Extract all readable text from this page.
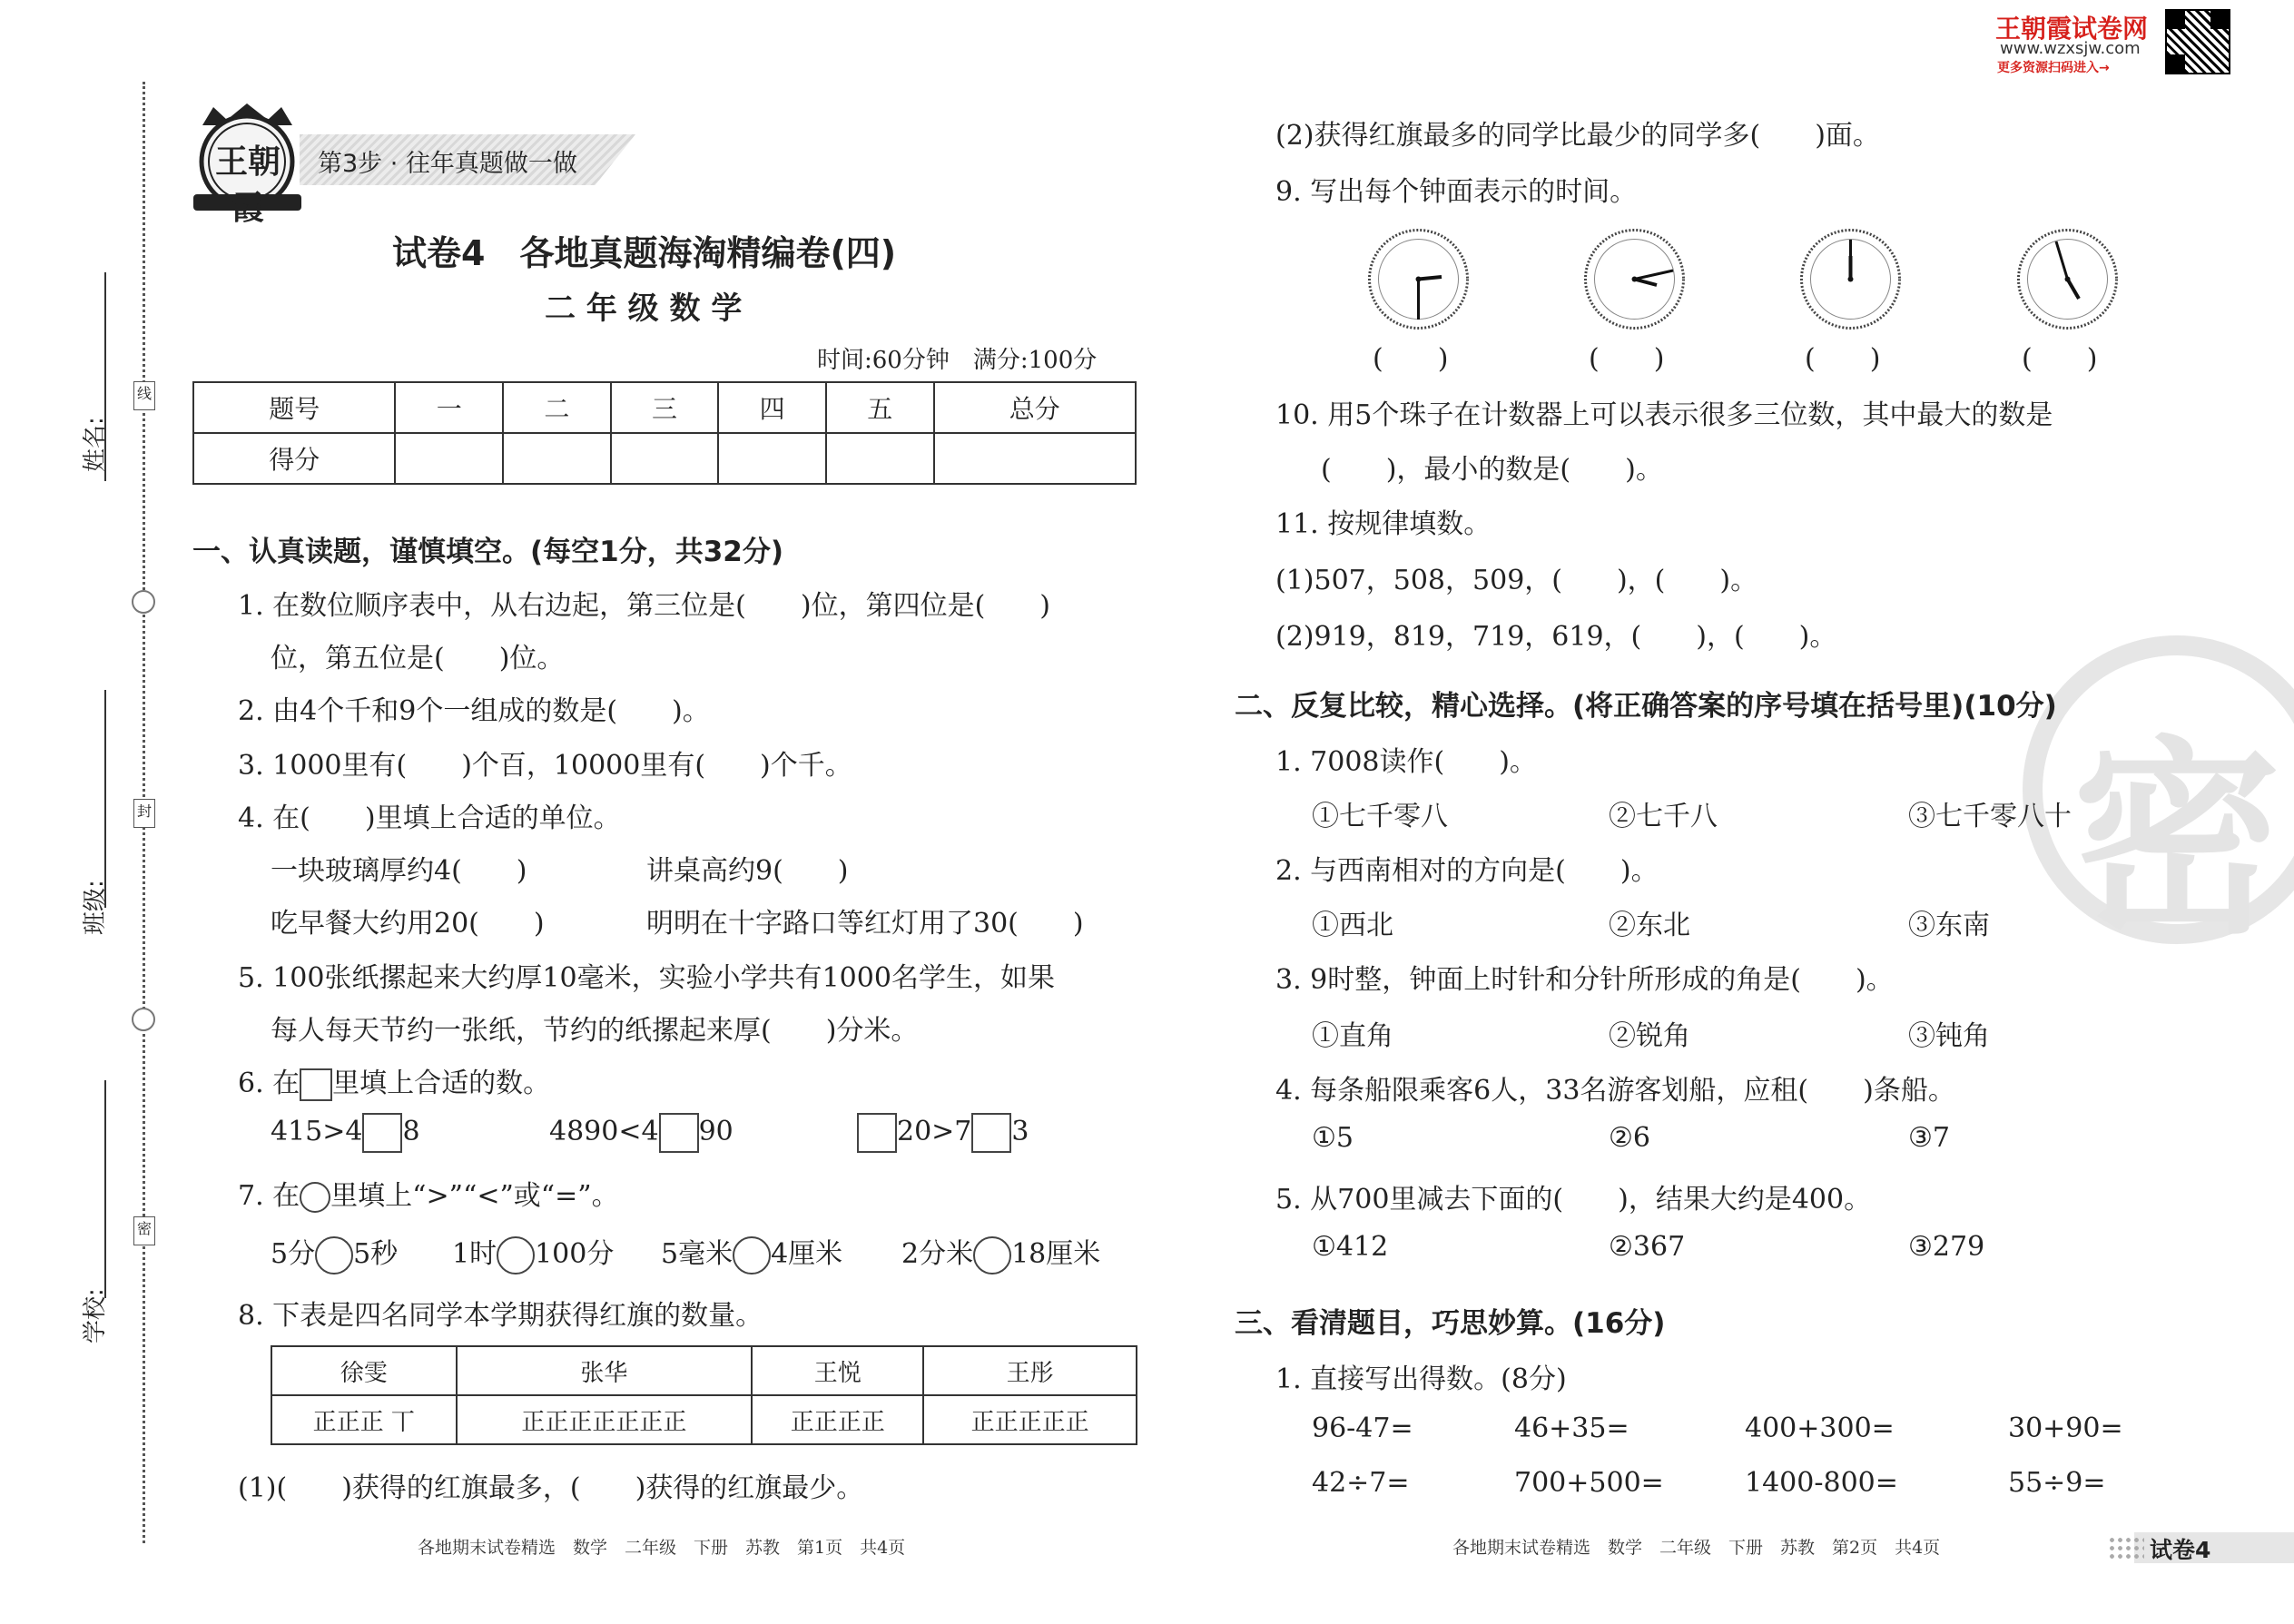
线
封
密
姓名:
班级:
学校:
王朝霞
第3步 · 往年真题做一做
王朝霞试卷网
www.wzxsjw.com
更多资源扫码进入→
试卷4　各地真题海淘精编卷(四)
二 年 级 数 学
时间:60分钟　满分:100分
题号	一	二	三	四	五	总分
得分						
一、认真读题，谨慎填空。(每空1分，共32分)
1. 在数位顺序表中，从右边起，第三位是(　　)位，第四位是(　　)
位，第五位是(　　)位。
2. 由4个千和9个一组成的数是(　　)。
3. 1000里有(　　)个百，10000里有(　　)个千。
4. 在(　　)里填上合适的单位。
一块玻璃厚约4(　　)	讲桌高约9(　　)
吃早餐大约用20(　　)	明明在十字路口等红灯用了30(　　)
5. 100张纸摞起来大约厚10毫米，实验小学共有1000名学生，如果
每人每天节约一张纸，节约的纸摞起来厚(　　)分米。
6. 在 里填上合适的数。
415>4 8	4890<4 90	20>7 3
7. 在 里填上“>”“<”或“=”。
5分 5秒 1时 100分 5毫米 4厘米 2分米 18厘米
8. 下表是四名同学本学期获得红旗的数量。
徐雯	张华	王悦	王彤
正正正 丅	正正正正正正正	正正正正	正正正正正
(1)(　　)获得的红旗最多，(　　)获得的红旗最少。
各地期末试卷精选　数学　二年级　下册　苏教　第1页　共4页
(2)获得红旗最多的同学比最少的同学多(　　)面。
9. 写出每个钟面表示的时间。
(　　)	(　　)	(　　)	(　　)
10. 用5个珠子在计数器上可以表示很多三位数，其中最大的数是
(　　)，最小的数是(　　)。
11. 按规律填数。
(1)507，508，509，(　　)，(　　)。
(2)919，819，719，619，(　　)，(　　)。
密
二、反复比较，精心选择。(将正确答案的序号填在括号里)(10分)
1. 7008读作(　　)。
①七千零八	②七千八	③七千零八十
2. 与西南相对的方向是(　　)。
①西北	②东北	③东南
3. 9时整，钟面上时针和分针所形成的角是(　　)。
①直角	②锐角	③钝角
4. 每条船限乘客6人，33名游客划船，应租(　　)条船。
①5	②6	③7
5. 从700里减去下面的(　　)，结果大约是400。
①412	②367	③279
三、看清题目，巧思妙算。(16分)
1. 直接写出得数。(8分)
96-47=	46+35=	400+300=	30+90=
42÷7=	700+500=	1400-800=	55÷9=
各地期末试卷精选　数学　二年级　下册　苏教　第2页　共4页	试卷4
